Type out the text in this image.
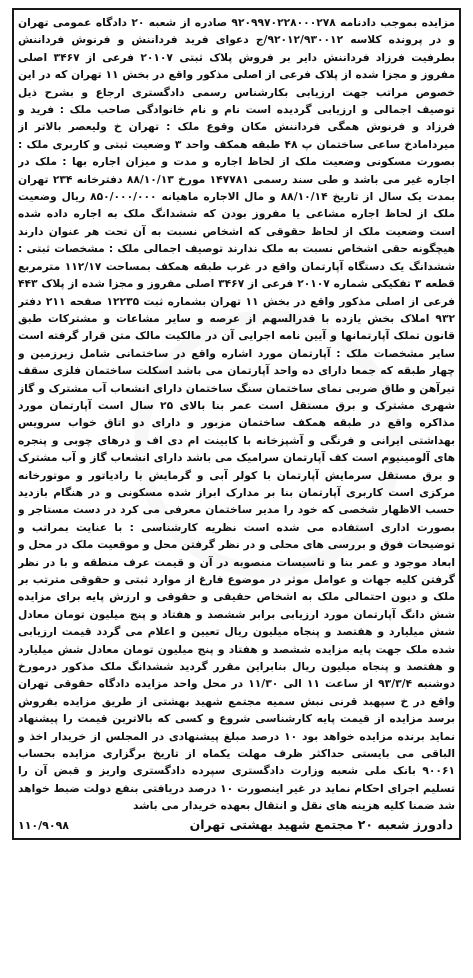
مزایده بموجب دادنامه ۹۲۰۹۹۷۰۲۲۸۰۰۰۲۷۸ صادره از شعبه ۲۰ دادگاه عمومی تهران و در پرونده کلاسه ۹۲۰۱۲/۹۳۰۰۱۲/ج دعوای فرید فرداننش و فرنوش فرداننش بطرفیت فرزاد فرداننش دایر بر فروش پلاک ثبتی ۲۰۱۰۷ فرعی از ۳۴۶۷ اصلی مفروز و مجزا شده از پلاک فرعی از اصلی مذکور واقع در بخش ۱۱ تهران که در این خصوص مراتب جهت ارزیابی بکارشناس رسمی دادگستری ارجاع و بشرح ذیل توصیف اجمالی و ارزیابی گردیده است نام و نام خانوادگی صاحب ملک : فرید و فرزاد و فرنوش همگی فرداننش مکان وقوع ملک : تهران خ ولیعصر بالاتر از میردامادخ ساعی ساختمان پ ۴۸ طبقه همکف واحد ۳ وضعیت ثبتی و کاربری ملک : بصورت مسکونی وضعیت ملک از لحاظ اجاره و مدت و میزان اجاره بها : ملک در اجاره غیر می باشد و طی سند رسمی ۱۴۷۷۸۱ مورخ ۸۸/۱۰/۱۳ دفترخانه ۲۳۴ تهران بمدت یک سال از تاریخ ۸۸/۱۰/۱۴ و مال الاجاره ماهیانه ۸۵۰/۰۰۰/۰۰۰ ریال وضعیت ملک از لحاظ اجاره مشاعی یا مفروز بودن که ششدانگ ملک به اجاره داده شده است وضعیت ملک از لحاظ حقوقی که اشخاص نسبت به آن تحت هر عنوان دارند هیچگونه حقی اشخاص نسبت به ملک ندارند توصیف اجمالی ملک : مشخصات ثبتی : ششدانگ یک دستگاه آپارتمان واقع در غرب طبقه همکف بمساحت ۱۱۲/۱۷ مترمربع قطعه ۳ تفکیکی شماره ۲۰۱۰۷ فرعی از ۳۴۶۷ اصلی مفروز و مجزا شده از پلاک ۴۴۳ فرعی از اصلی مذکور واقع در بخش ۱۱ تهران بشماره ثبت ۱۲۲۳۵ صفحه ۲۱۱ دفتر ۹۳۲ املاک بخش یازده با قدرالسهم از عرصه و سایر مشاعات و مشترکات طبق قانون تملک آپارتمانها و آیین نامه اجرایی آن در مالکیت مالک متن قرار گرفته است سایر مشخصات ملک : آپارتمان مورد اشاره واقع در ساختمانی شامل زیرزمین و چهار طبقه که جمعا دارای ده واحد آپارتمان می باشد اسکلت ساختمان فلزی سقف تیرآهن و طاق ضربی نمای ساختمان سنگ ساختمان دارای انشعاب آب مشترک و گاز شهری مشترک و برق مستقل است عمر بنا بالای ۲۵ سال است آپارتمان مورد مذاکره واقع در طبقه همکف ساختمان مزبور و دارای دو اتاق خواب سرویس بهداشتی ایرانی و فرنگی و آشپزخانه با کابینت ام دی اف و درهای چوبی و پنجره های آلومینیوم است کف آپارتمان سرامیک می باشد دارای انشعاب گاز و آب مشترک و برق مستقل سرمایش آپارتمان با کولر آبی و گرمایش با رادیاتور و موتورخانه مرکزی است کاربری آپارتمان بنا بر مدارک ابراز شده مسکونی و در هنگام بازدید حسب الاظهار شخصی که خود را مدیر ساختمان معرفی می کرد در دست مستاجر و بصورت اداری استفاده می شده است نظریه کارشناسی : با عنایت بمراتب و توضیحات فوق و بررسی های محلی و در نظر گرفتن محل و موقعیت ملک در محل و ابعاد موجود و عمر بنا و تاسیسات منصوبه در آن و قیمت عرف منطقه و با در نظر گرفتن کلیه جهات و عوامل موثر در موضوع فارغ از موارد ثبتی و حقوقی مترتب بر ملک و دیون احتمالی ملک به اشخاص حقیقی و حقوقی و ارزش پایه برای مزایده شش دانگ آپارتمان مورد ارزیابی برابر ششصد و هفتاد و پنج میلیون تومان معادل شش میلیارد و هفتصد و پنجاه میلیون ریال تعیین و اعلام می گردد قیمت ارزیابی شده ملک جهت پایه مزایده ششصد و هفتاد و پنج میلیون تومان معادل شش میلیارد و هفتصد و پنجاه میلیون ریال بنابراین مقرر گردید ششدانگ ملک مذکور درمورخ دوشنبه ۹۳/۳/۴ از ساعت ۱۱ الی ۱۱/۳۰ در محل واحد مزایده دادگاه حقوقی تهران واقع در خ سپهبد قرنی نبش سمیه مجتمع شهید بهشتی از طریق مزایده بفروش برسد مزایده از قیمت پایه کارشناسی شروع و کسی که بالاترین قیمت را پیشنهاد نماید برنده مزایده خواهد بود ۱۰ درصد مبلغ پیشنهادی در المجلس از خریدار اخذ و الباقی می بایستی حداکثر ظرف مهلت یکماه از تاریخ برگزاری مزایده بحساب ۹۰۰۶۱ بانک ملی شعبه وزارت دادگستری سپرده دادگستری واریز و قبض آن را تسلیم اجرای احکام نماید در غیر اینصورت ۱۰ درصد دریافتی بنفع دولت ضبط خواهد شد ضمنا کلیه هزینه های نقل و انتقال بعهده خریدار می باشد

دادورز شعبه ۲۰ مجتمع شهید بهشتی تهران
۱۱۰/۹۰۹۸
